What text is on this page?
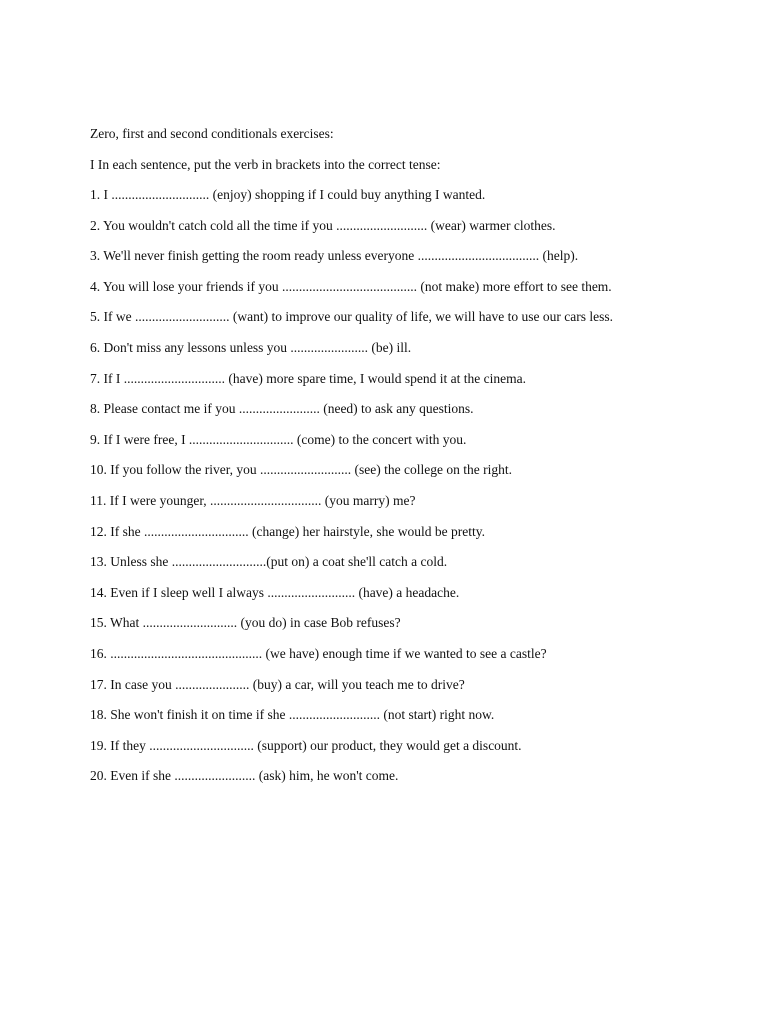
Zero, first and second conditionals exercises:

I In each sentence, put the verb in brackets into the correct tense:

1. I ............................. (enjoy) shopping if I could buy anything I wanted.
2. You wouldn't catch cold all the time if you ........................... (wear) warmer clothes.
3. We'll never finish getting the room ready unless everyone .................................... (help).
4. You will lose your friends if you ........................................ (not make) more effort to see them.
5. If we ............................ (want) to improve our quality of life, we will have to use our cars less.
6. Don't miss any lessons unless you ....................... (be) ill.
7. If I .............................. (have) more spare time, I would spend it at the cinema.
8. Please contact me if you ........................ (need) to ask any questions.
9. If I were free, I ............................... (come) to the concert with you.
10. If you follow the river, you ........................... (see) the college on the right.
11. If I were younger, ................................. (you marry) me?
12. If she ............................... (change) her hairstyle, she would be pretty.
13. Unless she ............................(put on) a coat she'll catch a cold.
14. Even if I sleep well I always .......................... (have) a headache.
15. What ............................ (you do) in case Bob refuses?
16. ............................................. (we have) enough time if we wanted to see a castle?
17. In case you ...................... (buy) a car, will you teach me to drive?
18. She won't finish it on time if she ........................... (not start) right now.
19. If they ............................... (support) our product, they would get a discount.
20. Even if she ........................ (ask) him, he won't come.
